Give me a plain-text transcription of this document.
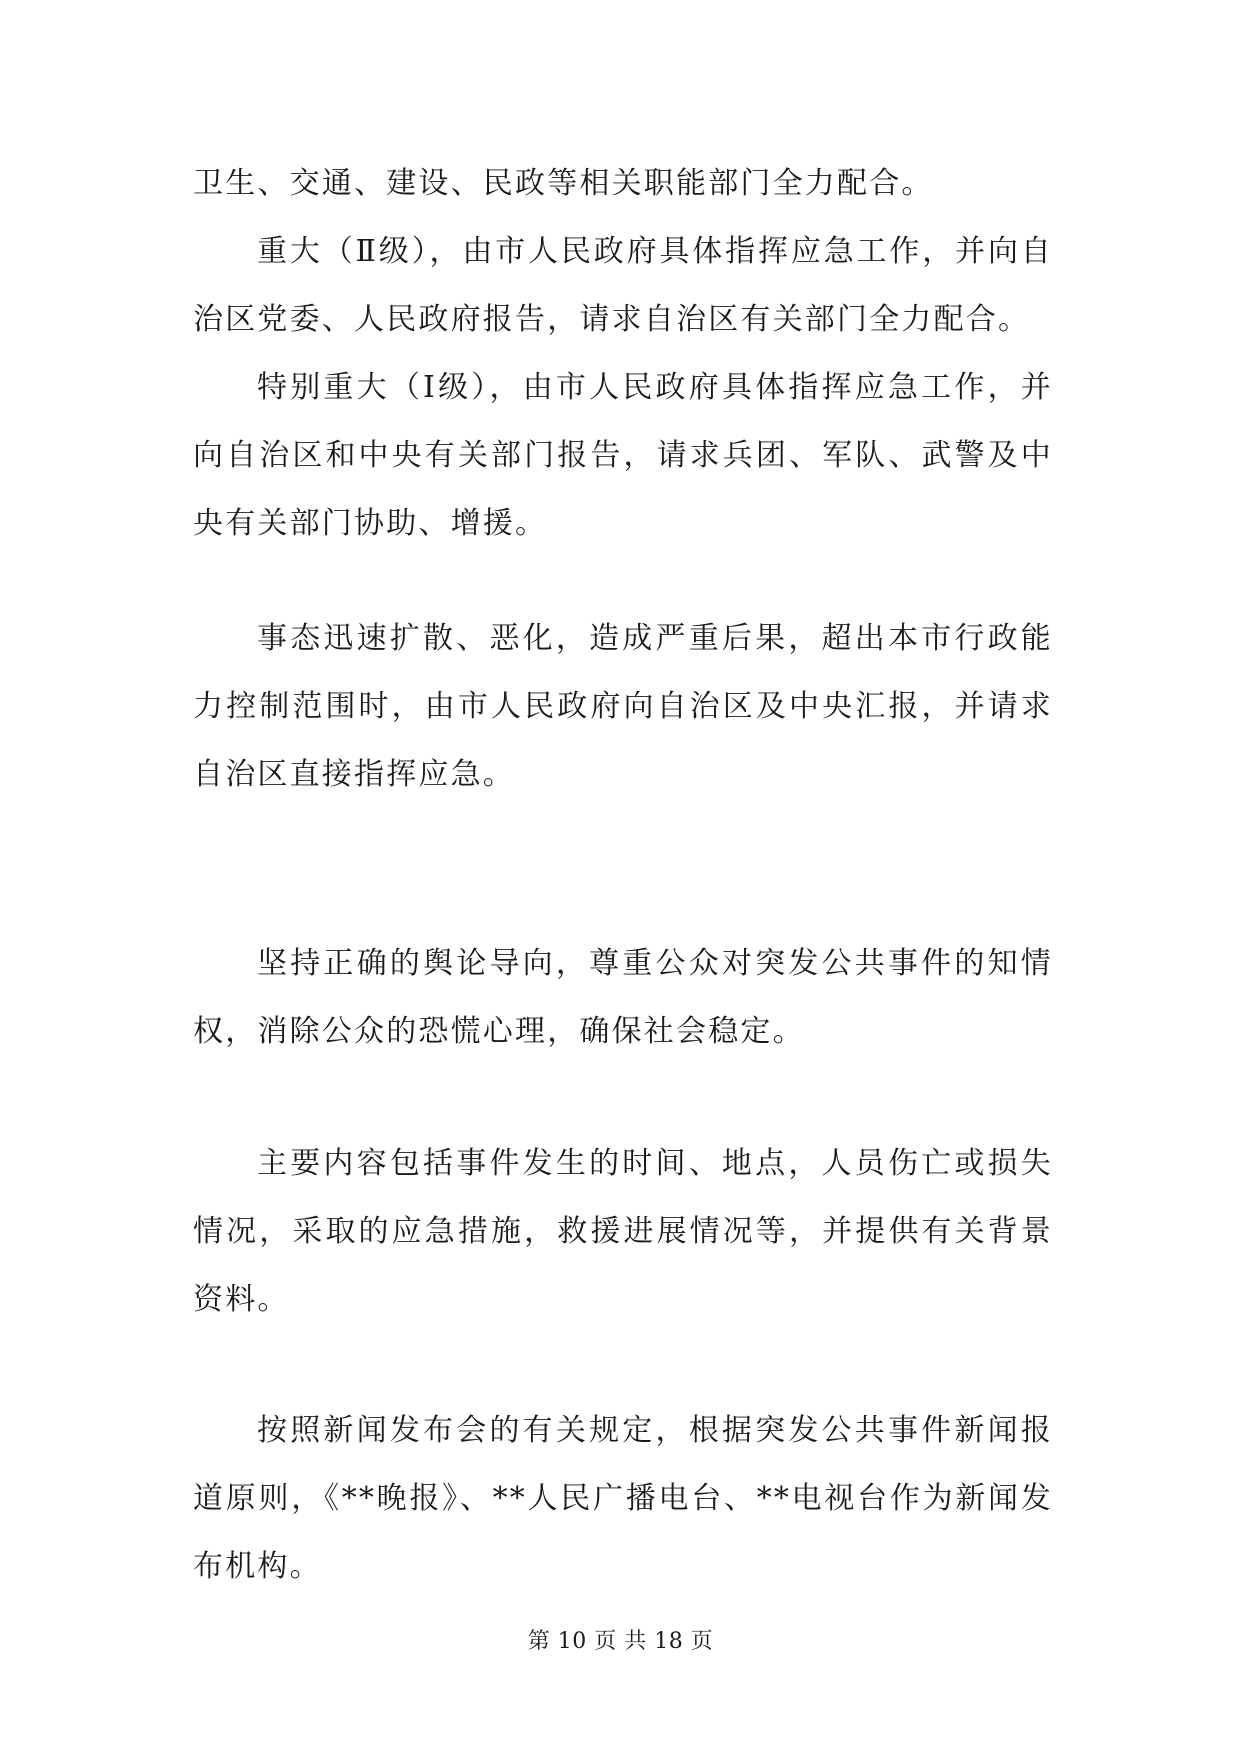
卫生、交通、建设、民政等相关职能部门全力配合。

重大（Ⅱ级），由市人民政府具体指挥应急工作，并向自治区党委、人民政府报告，请求自治区有关部门全力配合。

特别重大（Ⅰ级），由市人民政府具体指挥应急工作，并向自治区和中央有关部门报告，请求兵团、军队、武警及中央有关部门协助、增援。

事态迅速扩散、恶化，造成严重后果，超出本市行政能力控制范围时，由市人民政府向自治区及中央汇报，并请求自治区直接指挥应急。

坚持正确的舆论导向，尊重公众对突发公共事件的知情权，消除公众的恐慌心理，确保社会稳定。

主要内容包括事件发生的时间、地点，人员伤亡或损失情况，采取的应急措施，救援进展情况等，并提供有关背景资料。

按照新闻发布会的有关规定，根据突发公共事件新闻报道原则，《**晚报》、**人民广播电台、**电视台作为新闻发布机构。

第 10 页 共 18 页
